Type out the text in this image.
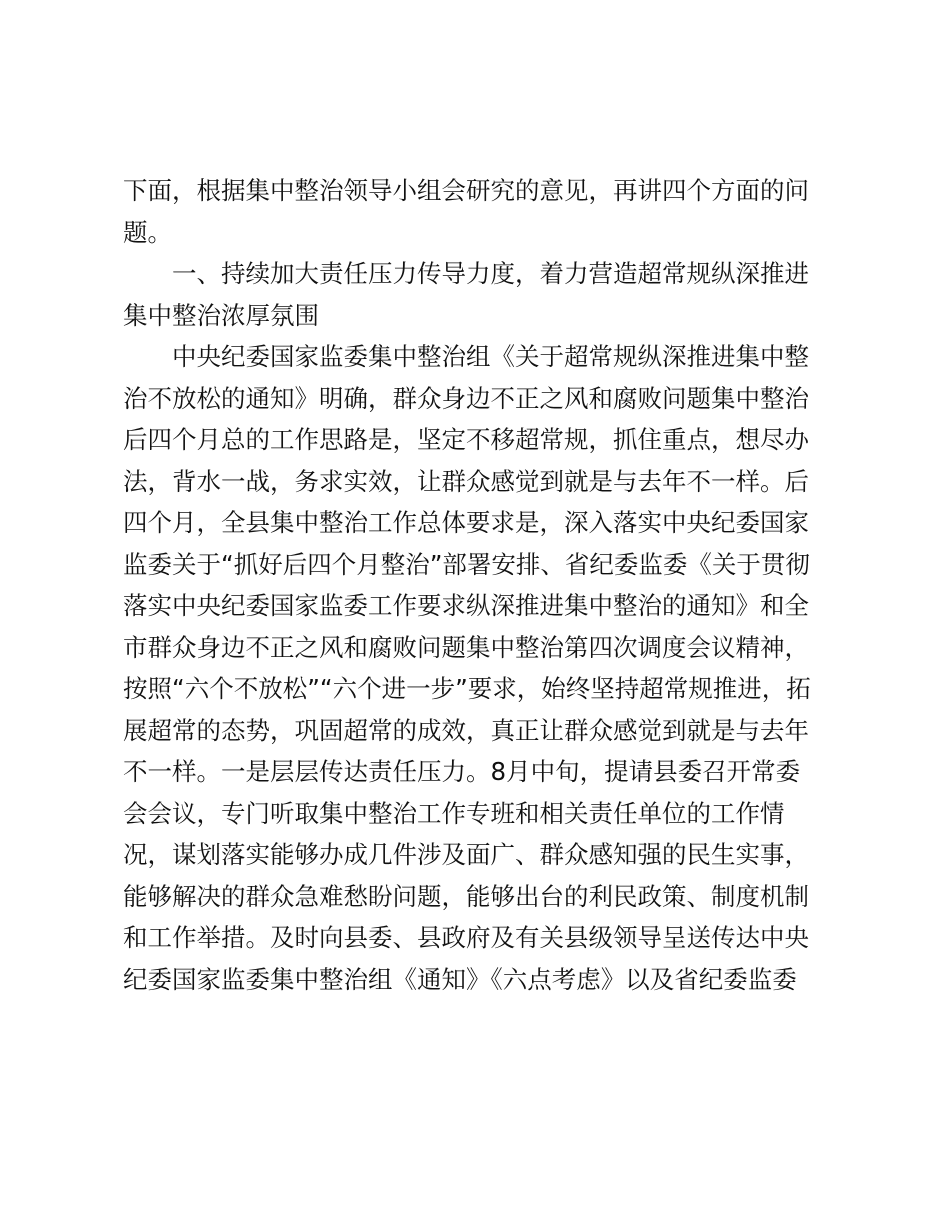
下面，根据集中整治领导小组会研究的意见，再讲四个方面的问
题。
一、持续加大责任压力传导力度，着力营造超常规纵深推进
集中整治浓厚氛围
中央纪委国家监委集中整治组《关于超常规纵深推进集中整
治不放松的通知》明确，群众身边不正之风和腐败问题集中整治
后四个月总的工作思路是，坚定不移超常规，抓住重点，想尽办
法，背水一战，务求实效，让群众感觉到就是与去年不一样。后
四个月，全县集中整治工作总体要求是，深入落实中央纪委国家
监委关于“抓好后四个月整治”部署安排、省纪委监委《关于贯彻
落实中央纪委国家监委工作要求纵深推进集中整治的通知》和全
市群众身边不正之风和腐败问题集中整治第四次调度会议精神，
按照“六个不放松”“六个进一步”要求，始终坚持超常规推进，拓
展超常的态势，巩固超常的成效，真正让群众感觉到就是与去年
不一样。一是层层传达责任压力。8月中旬，提请县委召开常委
会会议，专门听取集中整治工作专班和相关责任单位的工作情
况，谋划落实能够办成几件涉及面广、群众感知强的民生实事，
能够解决的群众急难愁盼问题，能够出台的利民政策、制度机制
和工作举措。及时向县委、县政府及有关县级领导呈送传达中央
纪委国家监委集中整治组《通知》《六点考虑》以及省纪委监委
